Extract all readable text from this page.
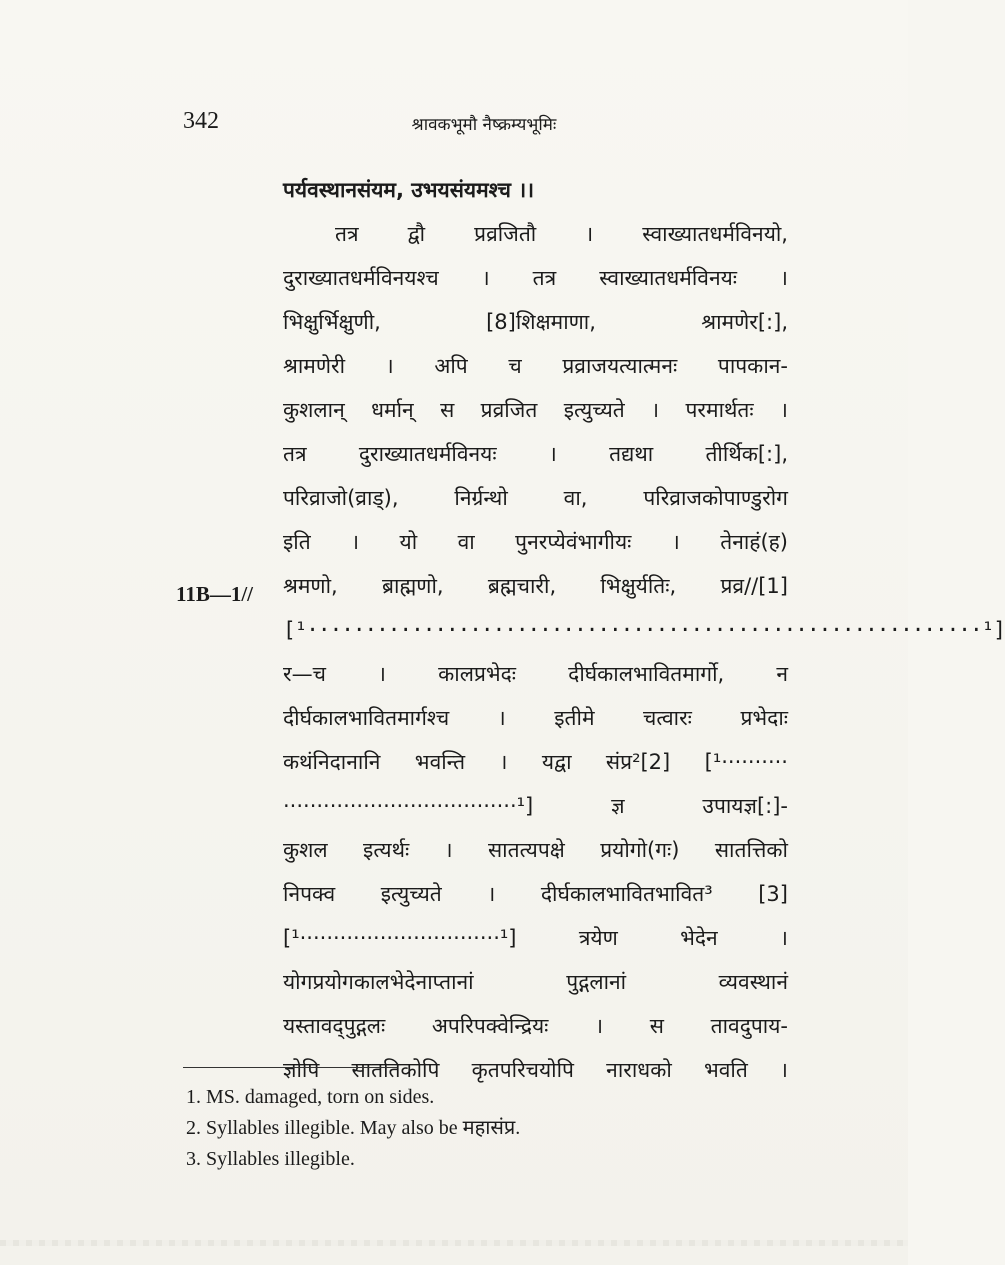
342	श्रावकभूमौ नैष्क्रम्यभूमिः
11B—1//
पर्यवस्थानसंयम, उभयसंयमश्च ।।
तत्र द्वौ प्रव्रजितौ । स्वाख्यातधर्मविनयो,
दुराख्यातधर्मविनयश्च । तत्र स्वाख्यातधर्मविनयः ।
भिक्षुर्भिक्षुणी, [8]शिक्षमाणा, श्रामणेर[:],
श्रामणेरी । अपि च प्रव्राजयत्यात्मनः पापकान-
कुशलान् धर्मान् स प्रव्रजित इत्युच्यते । परमार्थतः ।
तत्र दुराख्यातधर्मविनयः । तद्यथा तीर्थिक[:],
परिव्राजो(व्राड्), निर्ग्रन्थो वा, परिव्राजकोपाण्डुरोग
इति । यो वा पुनरप्येवंभागीयः । तेनाहं(ह)
श्रमणो, ब्राह्मणो, ब्रह्मचारी, भिक्षुर्यतिः, प्रव्र//[1]
[¹··························································¹]
र—च । कालप्रभेदः दीर्घकालभावितमार्गो, न
दीर्घकालभावितमार्गश्च । इतीमे चत्वारः प्रभेदाः
कथंनिदानानि भवन्ति । यद्वा संप्र²[2] [¹··········
···································¹] ज्ञ उपायज्ञ[:]-
कुशल इत्यर्थः । सातत्यपक्षे प्रयोगो(गः) सातत्तिको
निपक्व इत्युच्यते । दीर्घकालभावितभावित³ [3]
[¹······························¹] त्रयेण भेदेन ।
योगप्रयोगकालभेदेनाप्तानां पुद्गलानां व्यवस्थानं
यस्तावद्पुद्गलः अपरिपक्वेन्द्रियः । स तावदुपाय-
ज्ञोपि साततिकोपि कृतपरिचयोपि नाराधको भवति ।
1. MS. damaged, torn on sides.
2. Syllables illegible. May also be महासंप्र.
3. Syllables illegible.
